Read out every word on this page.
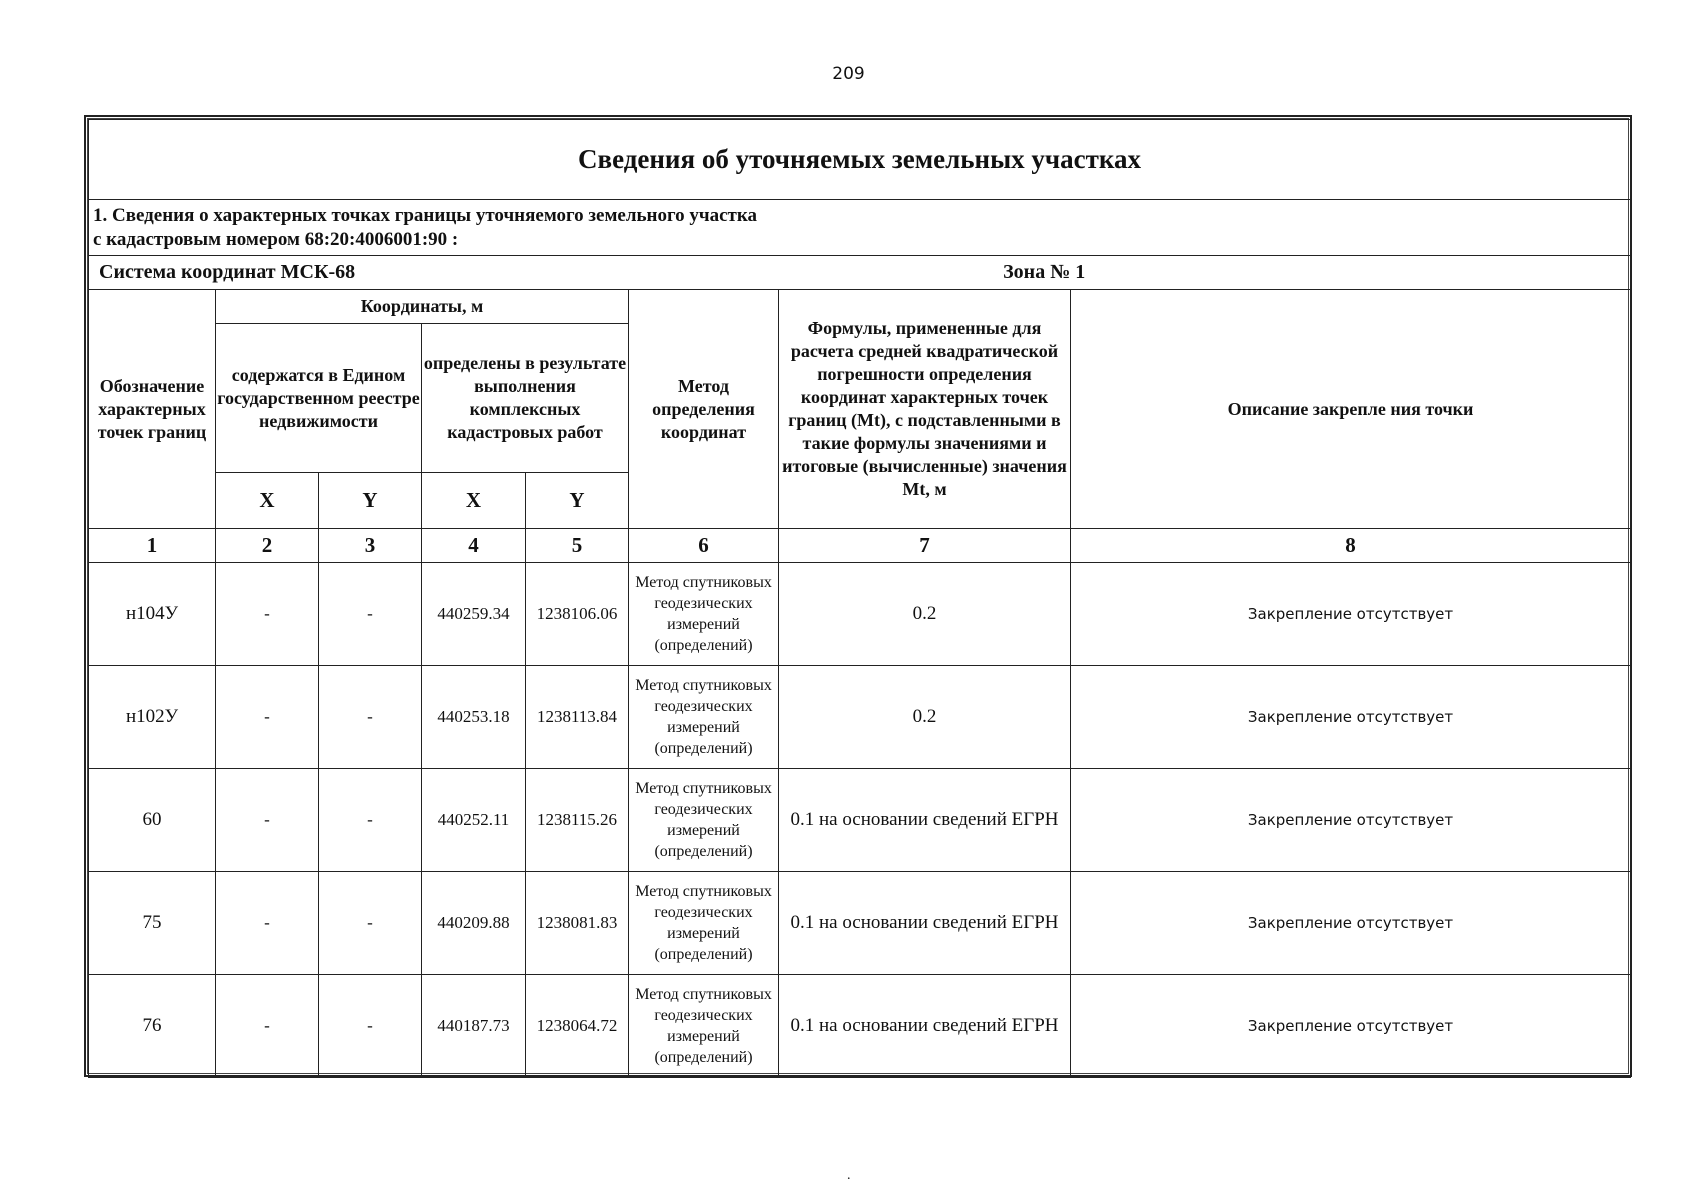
209
Сведения об уточняемых земельных участках							

1. Сведения о характерных точках границы уточняемого земельного участка
с кадастровым номером 68:20:4006001:90 :							

Система координат МСК-68 Зона № 1							

Обозначение характерных точек границ	Координаты, м				Метод определения координат	Формулы, примененные для расчета средней квадратической погрешности определения координат характерных точек границ (Mt), с подставленными в такие формулы значениями и итоговые (вычисленные) значения Mt, м	Описание закрепле ния точки
	содержатся в Едином государственном реестре недвижимости		определены в результате выполнения комплексных кадастровых работ				
	X	Y	X	Y			
1	2	3	4	5	6	7	8
н104У	-	-	440259.34	1238106.06	Метод спутниковых геодезических измерений (определений)	0.2	Закрепление отсутствует
н102У	-	-	440253.18	1238113.84	Метод спутниковых геодезических измерений (определений)	0.2	Закрепление отсутствует
60	-	-	440252.11	1238115.26	Метод спутниковых геодезических измерений (определений)	0.1 на основании сведений ЕГРН	Закрепление отсутствует
75	-	-	440209.88	1238081.83	Метод спутниковых геодезических измерений (определений)	0.1 на основании сведений ЕГРН	Закрепление отсутствует
76	-	-	440187.73	1238064.72	Метод спутниковых геодезических измерений (определений)	0.1 на основании сведений ЕГРН	Закрепление отсутствует
.
